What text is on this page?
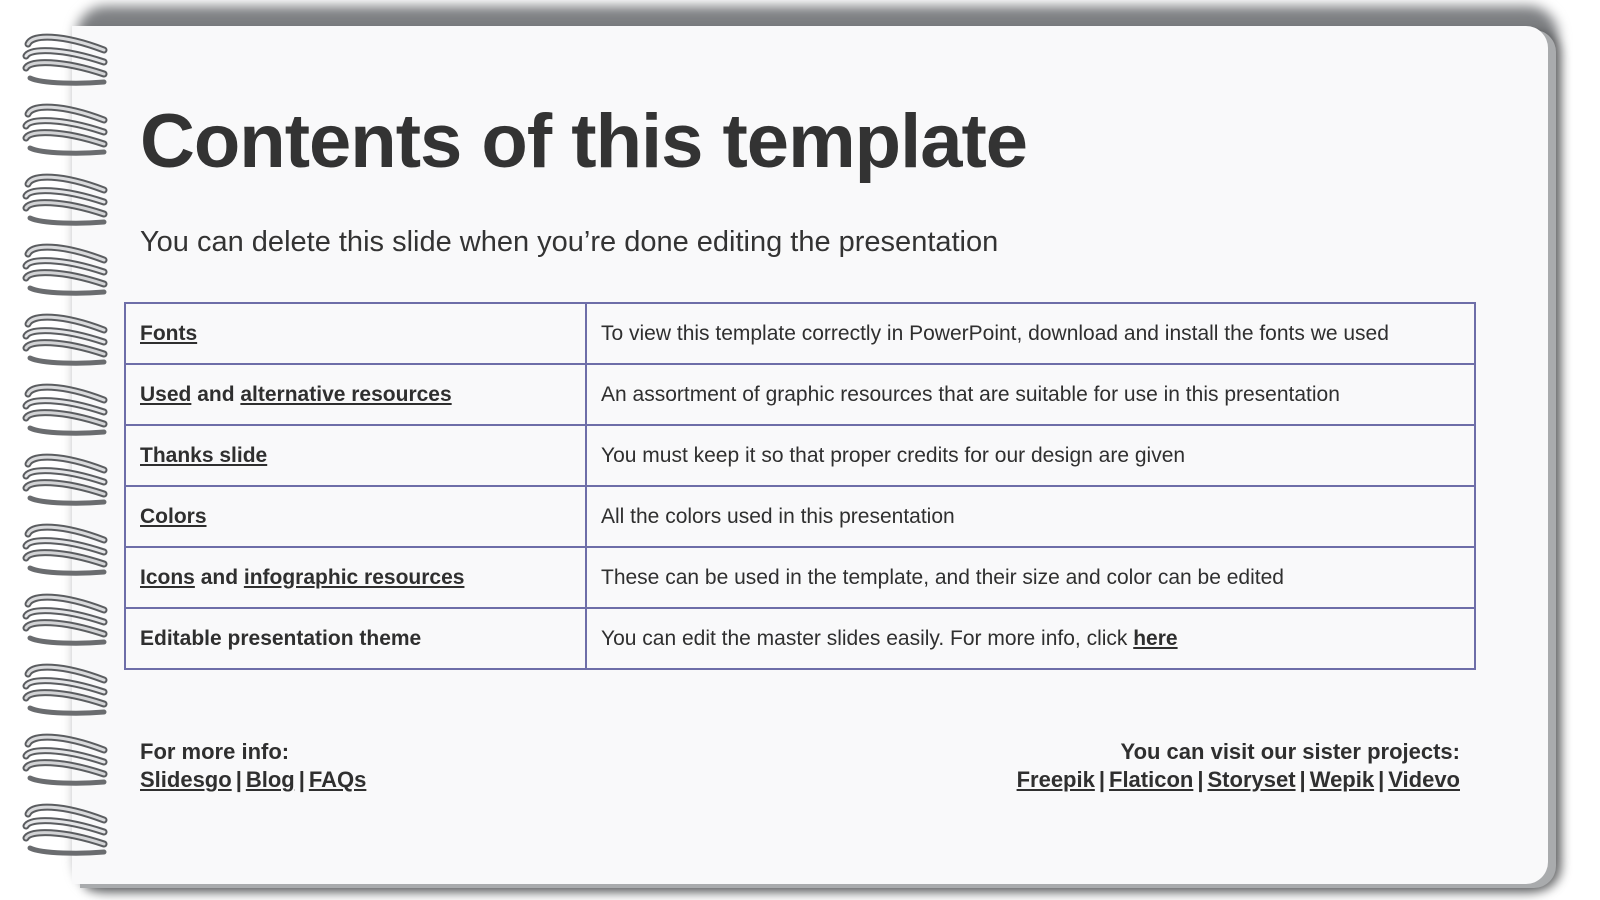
Contents of this template

You can delete this slide when you’re done editing the presentation

Fonts	To view this template correctly in PowerPoint, download and install the fonts we used
Used and alternative resources	An assortment of graphic resources that are suitable for use in this presentation
Thanks slide	You must keep it so that proper credits for our design are given
Colors	All the colors used in this presentation
Icons and infographic resources	These can be used in the template, and their size and color can be edited
Editable presentation theme	You can edit the master slides easily. For more info, click here
For more info:
Slidesgo | Blog | FAQs
You can visit our sister projects:
Freepik | Flaticon | Storyset | Wepik | Videvo
